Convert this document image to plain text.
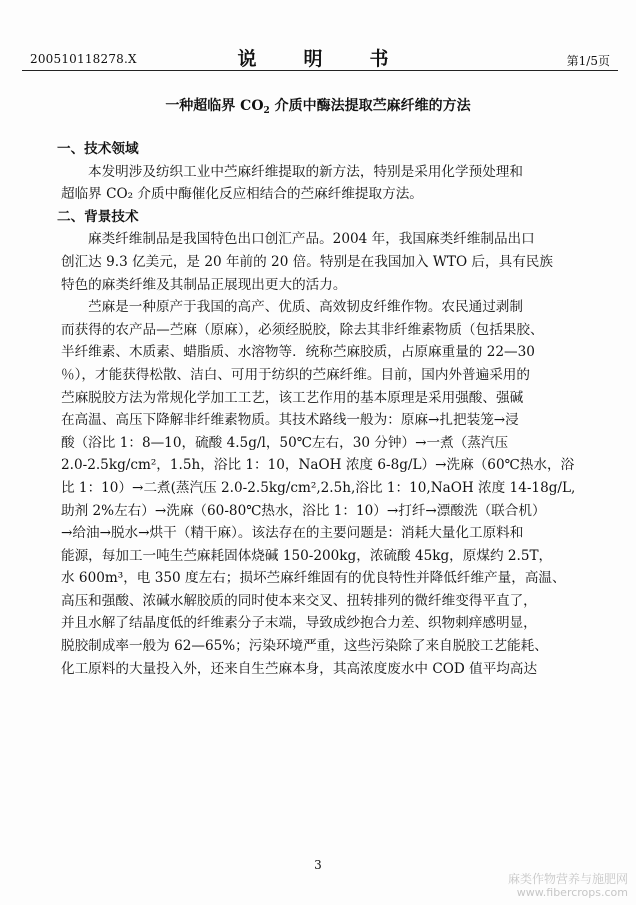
200510118278.X	说　明　书	第1/5页
一种超临界 $CO_2$ 介质中酶法提取苎麻纤维的方法
一、技术领域
本发明涉及纺织工业中苎麻纤维提取的新方法，特别是采用化学预处理和
超临界 CO₂ 介质中酶催化反应相结合的苎麻纤维提取方法。
二、背景技术
麻类纤维制品是我国特色出口创汇产品。2004 年，我国麻类纤维制品出口
创汇达 9.3 亿美元，是 20 年前的 20 倍。特别是在我国加入 WTO 后，具有民族
特色的麻类纤维及其制品正展现出更大的活力。
苎麻是一种原产于我国的高产、优质、高效韧皮纤维作物。农民通过剥制
而获得的农产品—苎麻（原麻），必须经脱胶，除去其非纤维素物质（包括果胶、
半纤维素、木质素、蜡脂质、水溶物等．统称苎麻胶质，占原麻重量的 22—30
％），才能获得松散、洁白、可用于纺织的苎麻纤维。目前，国内外普遍采用的
苎麻脱胶方法为常规化学加工工艺，该工艺作用的基本原理是采用强酸、强碱
在高温、高压下降解非纤维素物质。其技术路线一般为：原麻→扎把装笼→浸
酸（浴比 1：8—10，硫酸 4.5g/l，50℃左右，30 分钟）→一煮（蒸汽压
2.0-2.5kg/cm²，1.5h，浴比 1：10，NaOH 浓度 6-8g/L）→洗麻（60℃热水，浴
比 1：10）→二煮(蒸汽压 2.0-2.5kg/cm²,2.5h,浴比 1：10,NaOH 浓度 14-18g/L,
助剂 2%左右）→洗麻（60-80℃热水，浴比 1：10）→打纤→漂酸洗（联合机）
→给油→脱水→烘干（精干麻）。该法存在的主要问题是：消耗大量化工原料和
能源，每加工一吨生苎麻耗固体烧碱 150-200kg，浓硫酸 45kg，原煤约 2.5T，
水 600m³，电 350 度左右；损坏苎麻纤维固有的优良特性并降低纤维产量，高温、
高压和强酸、浓碱水解胶质的同时使本来交叉、扭转排列的微纤维变得平直了，
并且水解了结晶度低的纤维素分子末端，导致成纱抱合力差、织物刺痒感明显，
脱胶制成率一般为 62—65%；污染环境严重，这些污染除了来自脱胶工艺能耗、
化工原料的大量投入外，还来自生苎麻本身，其高浓度废水中 COD 值平均高达
3
麻类作物营养与施肥网
www.fibercrops.com
